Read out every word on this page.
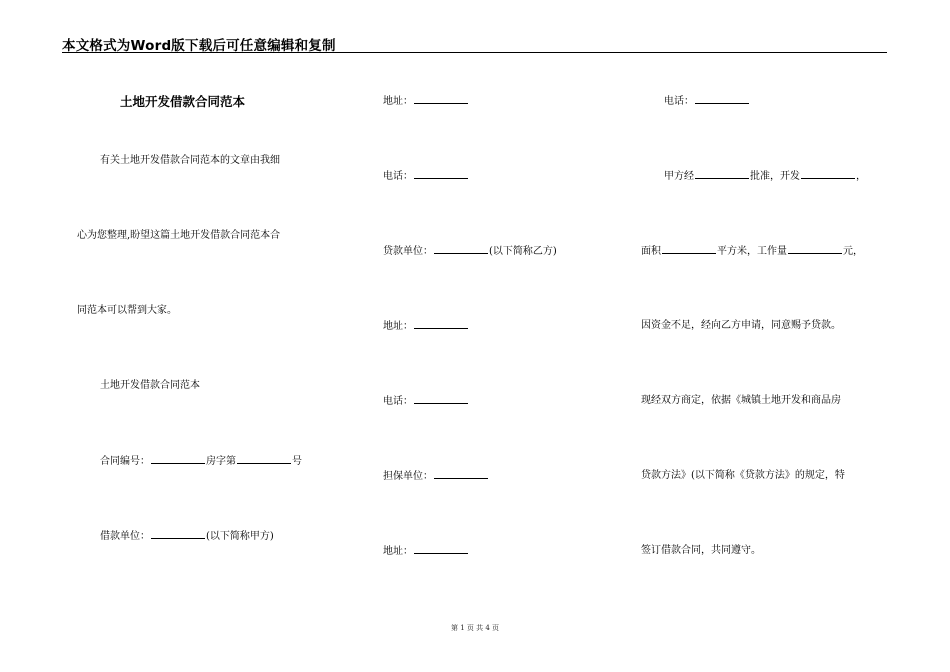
本文格式为Word版下载后可任意编辑和复制
土地开发借款合同范本
有关土地开发借款合同范本的文章由我细
心为您整理,盼望这篇土地开发借款合同范本合
同范本可以帮到大家。
土地开发借款合同范本
合同编号：	房字第	号
借款单位：	(以下简称甲方)
地址：
电话：
贷款单位：	(以下简称乙方)
地址：
电话：
担保单位：
地址：
电话：
甲方经	批准，开发	，
面积	平方米，工作量	元，
因资金不足，经向乙方申请，同意赐予贷款。
现经双方商定，依据《城镇土地开发和商品房
贷款方法》(以下简称《贷款方法》的规定，特
签订借款合同，共同遵守。
第 1 页 共 4 页
